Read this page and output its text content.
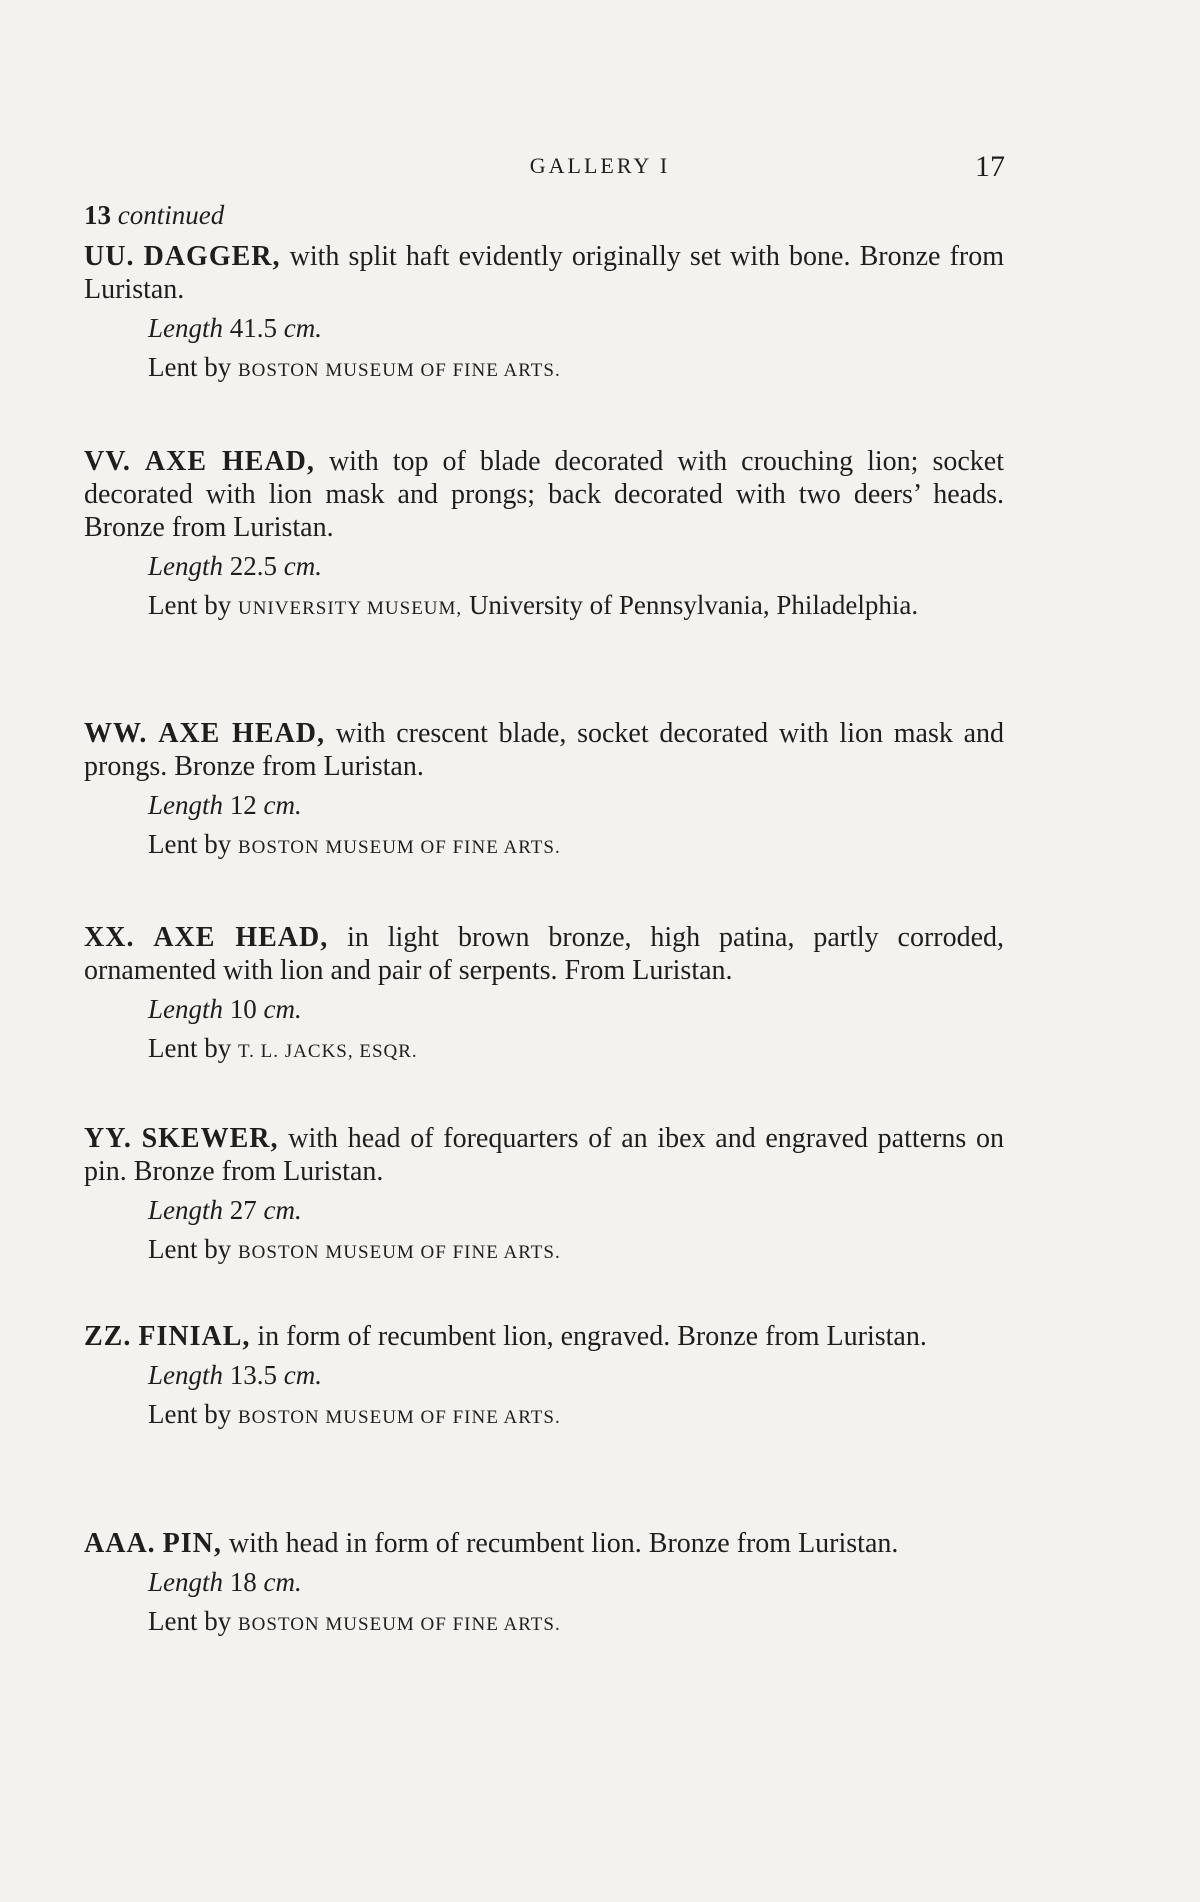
GALLERY I	17
13 continued
UU. DAGGER, with split haft evidently originally set with bone. Bronze from Luristan.
Length 41.5 cm.
Lent by BOSTON MUSEUM OF FINE ARTS.
VV. AXE HEAD, with top of blade decorated with crouching lion; socket decorated with lion mask and prongs; back decorated with two deers’ heads. Bronze from Luristan.
Length 22.5 cm.
Lent by UNIVERSITY MUSEUM, University of Pennsylvania, Philadelphia.
WW. AXE HEAD, with crescent blade, socket decorated with lion mask and prongs. Bronze from Luristan.
Length 12 cm.
Lent by BOSTON MUSEUM OF FINE ARTS.
XX. AXE HEAD, in light brown bronze, high patina, partly corroded, ornamented with lion and pair of serpents. From Luristan.
Length 10 cm.
Lent by T. L. JACKS, ESQR.
YY. SKEWER, with head of forequarters of an ibex and engraved patterns on pin. Bronze from Luristan.
Length 27 cm.
Lent by BOSTON MUSEUM OF FINE ARTS.
ZZ. FINIAL, in form of recumbent lion, engraved. Bronze from Luristan.
Length 13.5 cm.
Lent by BOSTON MUSEUM OF FINE ARTS.
AAA. PIN, with head in form of recumbent lion. Bronze from Luristan.
Length 18 cm.
Lent by BOSTON MUSEUM OF FINE ARTS.
